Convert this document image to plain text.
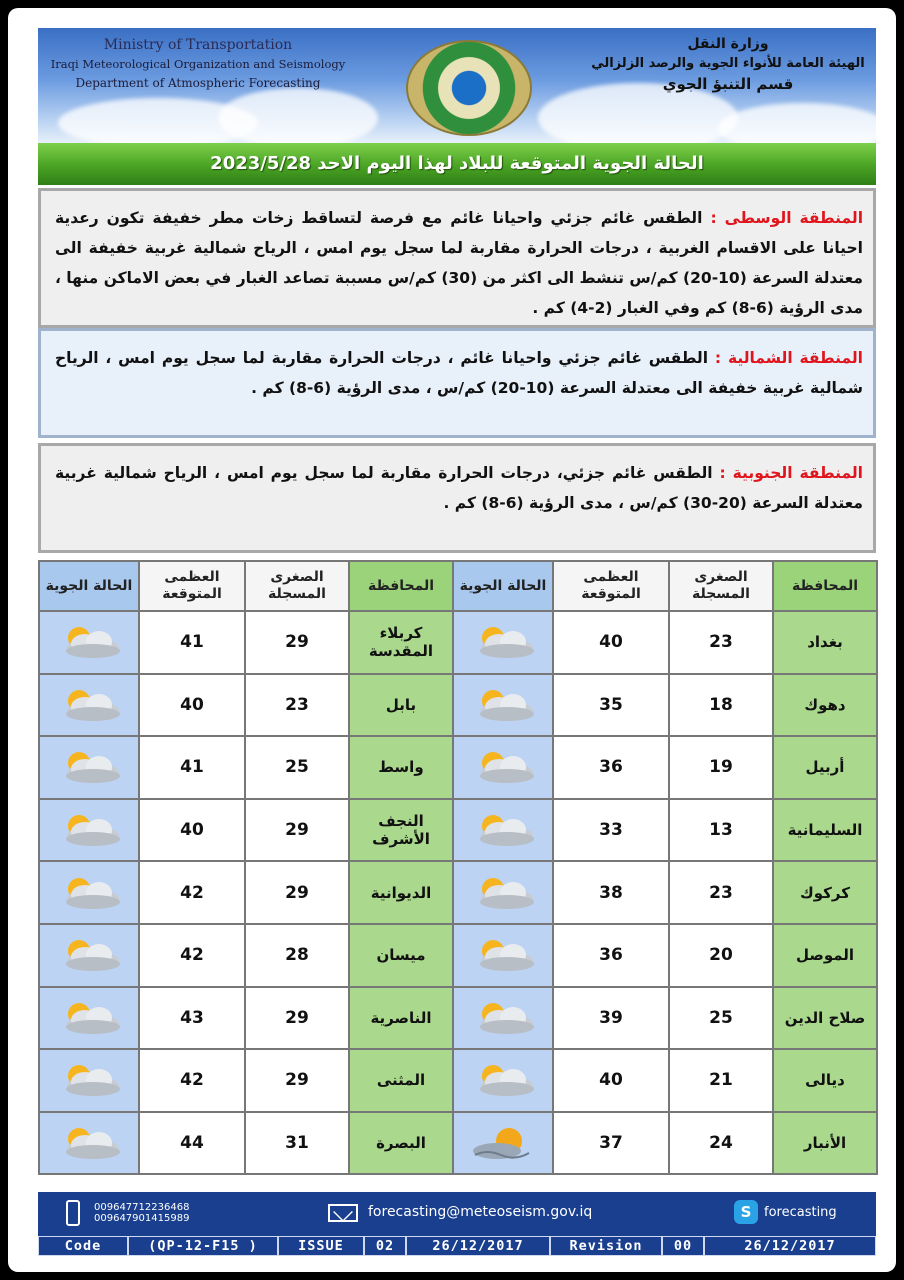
Ministry of Transportation
Iraqi Meteorological Organization and Seismology
Department of Atmospheric Forecasting
وزارة النقل
الهيئة العامة للأنواء الجوية والرصد الزلزالي
قسم التنبؤ الجوي
الحالة الجوية المتوقعة للبلاد لهذا اليوم الاحد 2023/5/28
المنطقة الوسطى : الطقس غائم جزئي واحيانا غائم مع فرصة لتساقط زخات مطر خفيفة تكون رعدية احيانا على الاقسام الغربية ، درجات الحرارة مقاربة لما سجل يوم امس ، الرياح شمالية غربية خفيفة الى معتدلة السرعة (10-20) كم/س تنشط الى اكثر من (30) كم/س مسببة تصاعد الغبار في بعض الاماكن منها ، مدى الرؤية (6-8) كم وفي الغبار (2-4) كم .
المنطقة الشمالية : الطقس غائم جزئي واحيانا غائم ، درجات الحرارة مقاربة لما سجل يوم امس ، الرياح شمالية غربية خفيفة الى معتدلة السرعة (10-20) كم/س ، مدى الرؤية (6-8) كم .
المنطقة الجنوبية : الطقس غائم جزئي، درجات الحرارة مقاربة لما سجل يوم امس ، الرياح شمالية غربية معتدلة السرعة (20-30) كم/س ، مدى الرؤية (6-8) كم .
المحافظة	الصغرى المسجلة	العظمى المتوقعة	الحالة الجوية	المحافظة	الصغرى المسجلة	العظمى المتوقعة	الحالة الجوية
بغداد	23	40		كربلاء المقدسة	29	41	
دهوك	18	35		بابل	23	40	
أربيل	19	36		واسط	25	41	
السليمانية	13	33		النجف الأشرف	29	40	
كركوك	23	38		الديوانية	29	42	
الموصل	20	36		ميسان	28	42	
صلاح الدين	25	39		الناصرية	29	43	
ديالى	21	40		المثنى	29	42	
الأنبار	24	37		البصرة	31	44	
009647712236468
009647901415989	forecasting@meteoseism.gov.iq	S forecasting
Code	(QP-12-F15 )	ISSUE	02	26/12/2017	Revision	00	26/12/2017
